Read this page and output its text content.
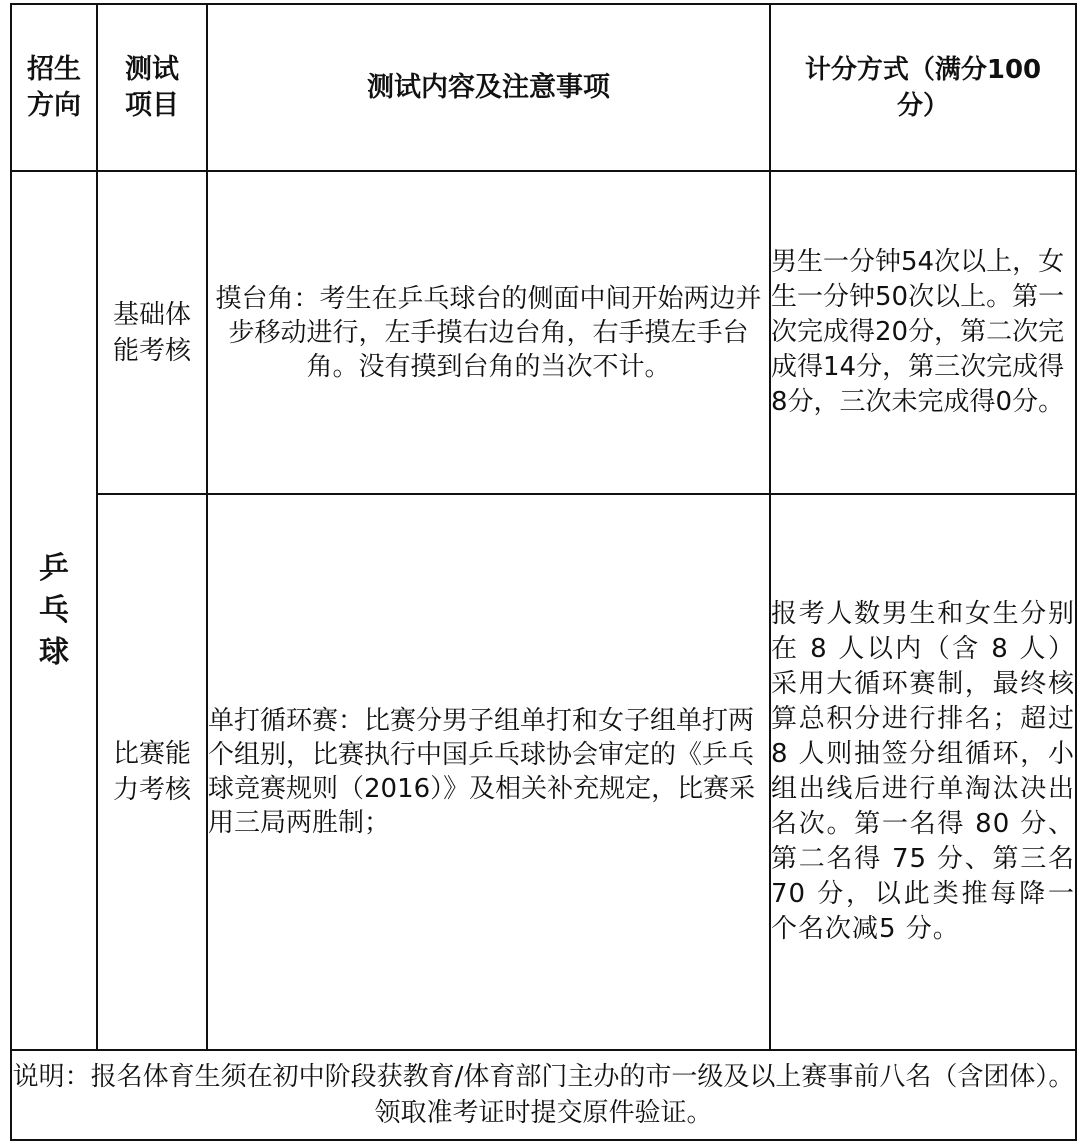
招生方向	测试项目	测试内容及注意事项	计分方式（满分100分）
乒乓球	基础体能考核	摸台角：考生在乒乓球台的侧面中间开始两边并步移动进行，左手摸右边台角，右手摸左手台角。没有摸到台角的当次不计。	男生一分钟54次以上，女生一分钟50次以上。第一次完成得20分，第二次完成得14分，第三次完成得8分，三次未完成得0分。
	比赛能力考核	单打循环赛：比赛分男子组单打和女子组单打两个组别，比赛执行中国乒乓球协会审定的《乒乓球竞赛规则（2016）》及相关补充规定，比赛采用三局两胜制；	报考人数男生和女生分别在 8 人以内（含 8 人）采用大循环赛制，最终核算总积分进行排名；超过 8 人则抽签分组循环，小组出线后进行单淘汰决出名次。第一名得 80 分、第二名得 75 分、第三名 70 分，以此类推每降一个名次减5 分。
说明：报名体育生须在初中阶段获教育/体育部门主办的市一级及以上赛事前八名（含团体）。领取准考证时提交原件验证。			
